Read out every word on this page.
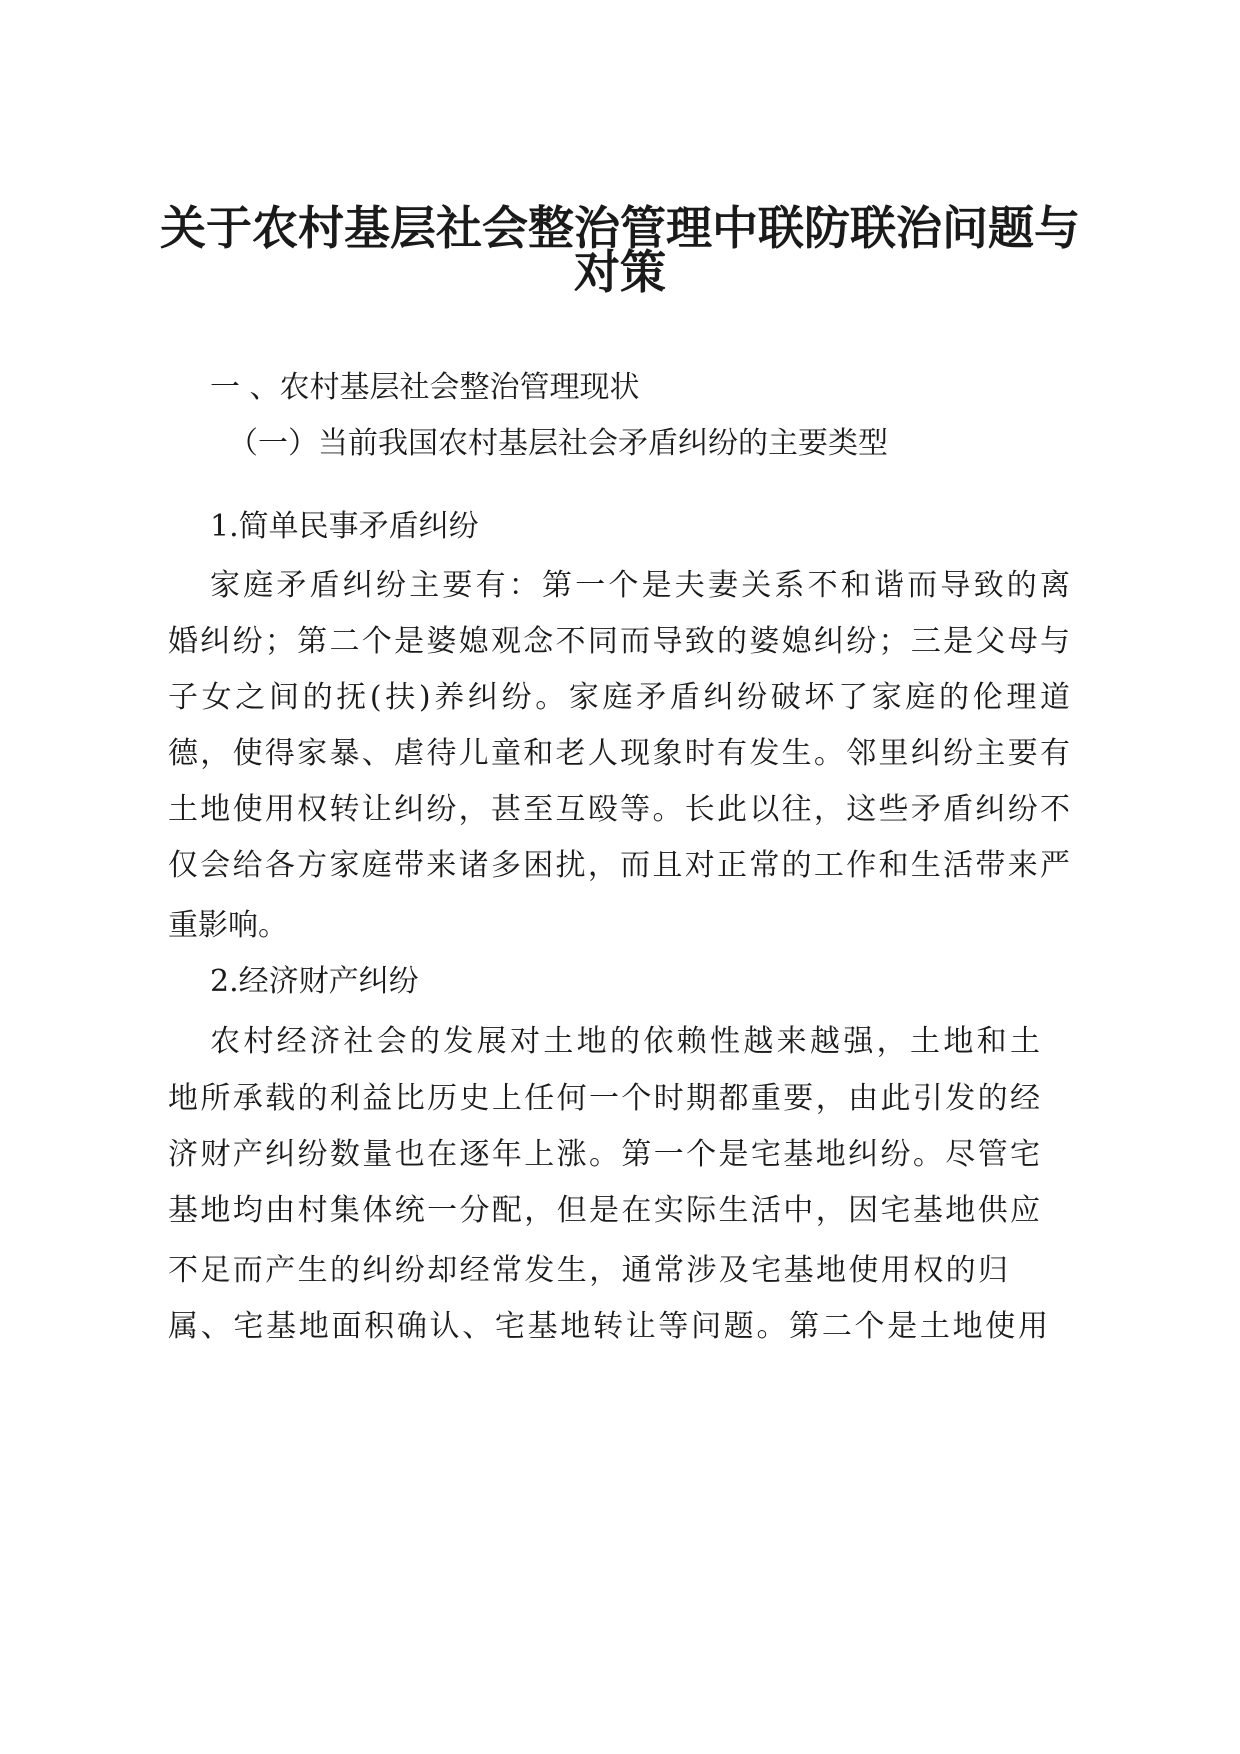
关于农村基层社会整治管理中联防联治问题与
对策
一 、农村基层社会整治管理现状
（一）当前我国农村基层社会矛盾纠纷的主要类型
1.简单民事矛盾纠纷
家庭矛盾纠纷主要有：第一个是夫妻关系不和谐而导致的离
婚纠纷；第二个是婆媳观念不同而导致的婆媳纠纷；三是父母与
子女之间的抚(扶)养纠纷。家庭矛盾纠纷破坏了家庭的伦理道
德，使得家暴、虐待儿童和老人现象时有发生。邻里纠纷主要有
土地使用权转让纠纷，甚至互殴等。长此以往，这些矛盾纠纷不
仅会给各方家庭带来诸多困扰，而且对正常的工作和生活带来严
重影响。
2.经济财产纠纷
农村经济社会的发展对土地的依赖性越来越强，土地和土
地所承载的利益比历史上任何一个时期都重要，由此引发的经
济财产纠纷数量也在逐年上涨。第一个是宅基地纠纷。尽管宅
基地均由村集体统一分配，但是在实际生活中，因宅基地供应
不足而产生的纠纷却经常发生，通常涉及宅基地使用权的归
属、宅基地面积确认、宅基地转让等问题。第二个是土地使用
